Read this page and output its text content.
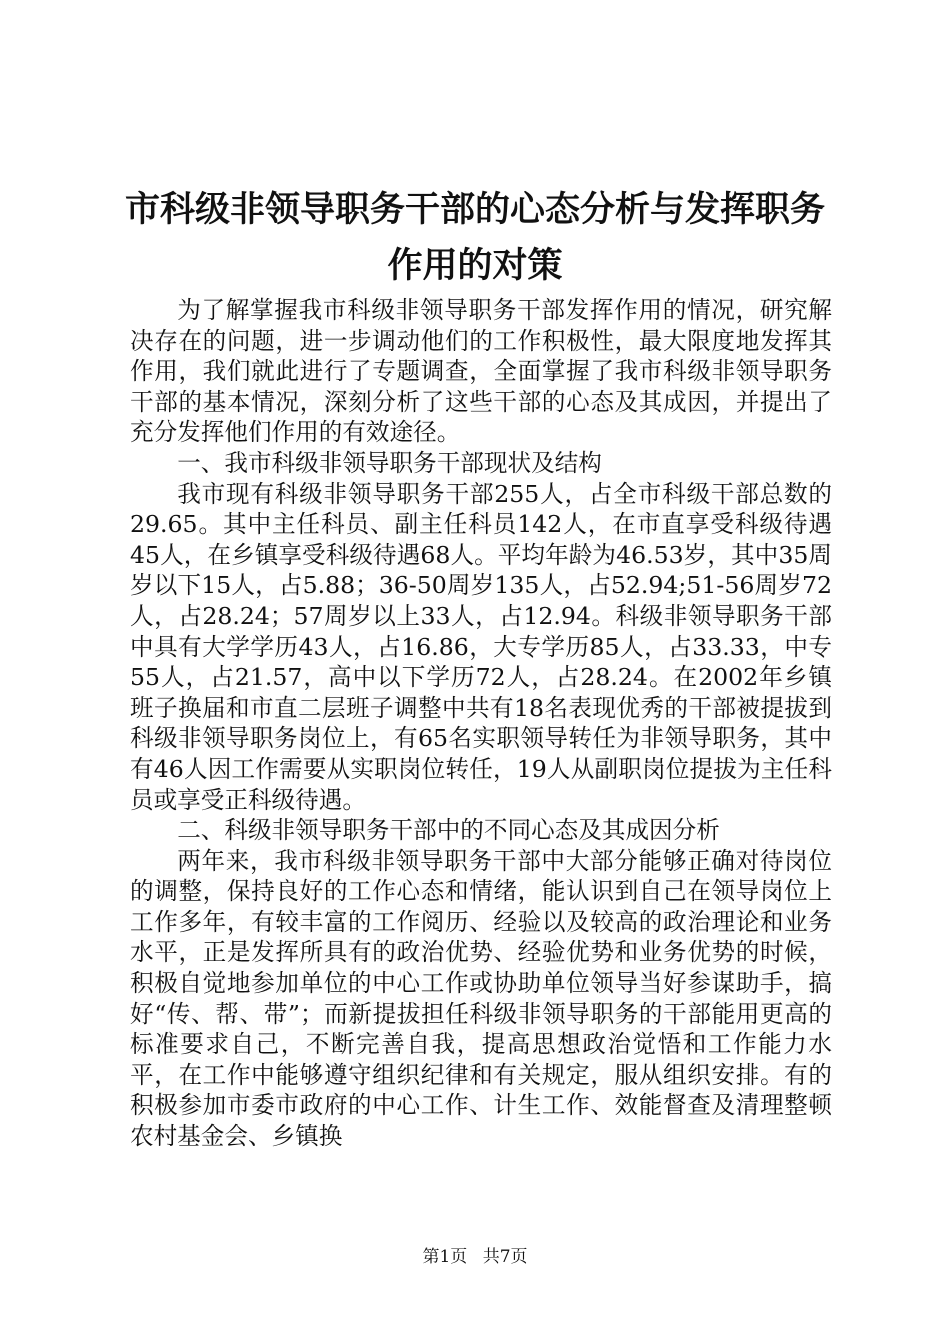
市科级非领导职务干部的心态分析与发挥职务
作用的对策

为了解掌握我市科级非领导职务干部发挥作用的情况，研究解决存在的问题，进一步调动他们的工作积极性，最大限度地发挥其作用，我们就此进行了专题调查，全面掌握了我市科级非领导职务干部的基本情况，深刻分析了这些干部的心态及其成因，并提出了充分发挥他们作用的有效途径。

一、我市科级非领导职务干部现状及结构

我市现有科级非领导职务干部255人，占全市科级干部总数的29.65。其中主任科员、副主任科员142人，在市直享受科级待遇45人，在乡镇享受科级待遇68人。平均年龄为46.53岁，其中35周岁以下15人，占5.88；36-50周岁135人，占52.94;51-56周岁72人，占28.24；57周岁以上33人，占12.94。科级非领导职务干部中具有大学学历43人，占16.86，大专学历85人，占33.33，中专55人，占21.57，高中以下学历72人，占28.24。在2002年乡镇班子换届和市直二层班子调整中共有18名表现优秀的干部被提拔到科级非领导职务岗位上，有65名实职领导转任为非领导职务，其中有46人因工作需要从实职岗位转任，19人从副职岗位提拔为主任科员或享受正科级待遇。

二、科级非领导职务干部中的不同心态及其成因分析

两年来，我市科级非领导职务干部中大部分能够正确对待岗位的调整，保持良好的工作心态和情绪，能认识到自己在领导岗位上工作多年，有较丰富的工作阅历、经验以及较高的政治理论和业务水平，正是发挥所具有的政治优势、经验优势和业务优势的时候，积极自觉地参加单位的中心工作或协助单位领导当好参谋助手，搞好“传、帮、带”；而新提拔担任科级非领导职务的干部能用更高的标准要求自己，不断完善自我，提高思想政治觉悟和工作能力水平，在工作中能够遵守组织纪律和有关规定，服从组织安排。有的积极参加市委市政府的中心工作、计生工作、效能督查及清理整顿农村基金会、乡镇换

第1页 共7页
